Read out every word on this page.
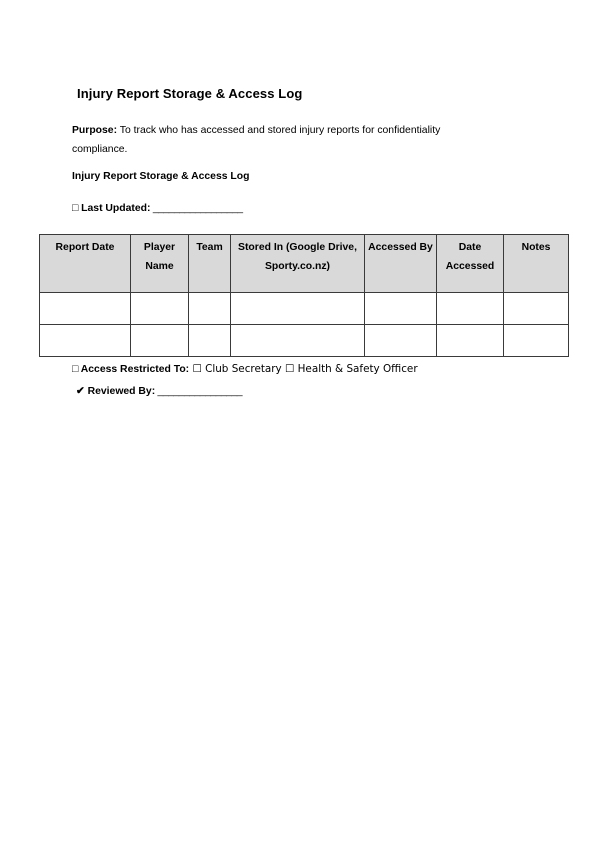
Injury Report Storage & Access Log
Purpose: To track who has accessed and stored injury reports for confidentiality compliance.
Injury Report Storage & Access Log
□ Last Updated: _________________
Report Date	Player Name	Team	Stored In (Google Drive, Sporty.co.nz)	Accessed By	Date Accessed	Notes

□ Access Restricted To: ☐ Club Secretary ☐ Health & Safety Officer
✔ Reviewed By: ________________
